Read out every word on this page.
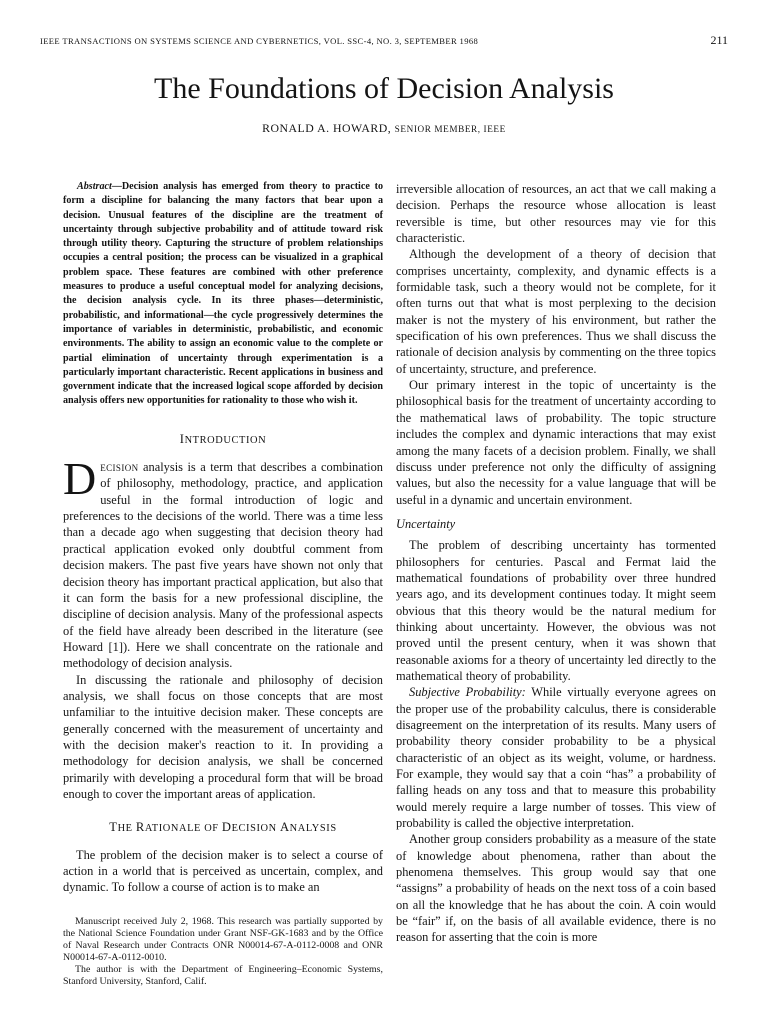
IEEE TRANSACTIONS ON SYSTEMS SCIENCE AND CYBERNETICS, VOL. SSC-4, NO. 3, SEPTEMBER 1968	211
The Foundations of Decision Analysis
RONALD A. HOWARD, SENIOR MEMBER, IEEE

Abstract—Decision analysis has emerged from theory to practice to form a discipline for balancing the many factors that bear upon a decision. Unusual features of the discipline are the treatment of uncertainty through subjective probability and of attitude toward risk through utility theory. Capturing the structure of problem relationships occupies a central position; the process can be visualized in a graphical problem space. These features are combined with other preference measures to produce a useful conceptual model for analyzing decisions, the decision analysis cycle. In its three phases—deterministic, probabilistic, and informational—the cycle progressively determines the importance of variables in deterministic, probabilistic, and economic environments. The ability to assign an economic value to the complete or partial elimination of uncertainty through experimentation is a particularly important characteristic. Recent applications in business and government indicate that the increased logical scope afforded by decision analysis offers new opportunities for rationality to those who wish it.

INTRODUCTION

Decision analysis is a term that describes a combination of philosophy, methodology, practice, and application useful in the formal introduction of logic and preferences to the decisions of the world. There was a time less than a decade ago when suggesting that decision theory had practical application evoked only doubtful comment from decision makers. The past five years have shown not only that decision theory has important practical application, but also that it can form the basis for a new professional discipline, the discipline of decision analysis. Many of the professional aspects of the field have already been described in the literature (see Howard [1]). Here we shall concentrate on the rationale and methodology of decision analysis.

In discussing the rationale and philosophy of decision analysis, we shall focus on those concepts that are most unfamiliar to the intuitive decision maker. These concepts are generally concerned with the measurement of uncertainty and with the decision maker's reaction to it. In providing a methodology for decision analysis, we shall be concerned primarily with developing a procedural form that will be broad enough to cover the important areas of application.

THE RATIONALE OF DECISION ANALYSIS

The problem of the decision maker is to select a course of action in a world that is perceived as uncertain, complex, and dynamic. To follow a course of action is to make an

Manuscript received July 2, 1968. This research was partially supported by the National Science Foundation under Grant NSF-GK-1683 and by the Office of Naval Research under Contracts ONR N00014-67-A-0112-0008 and ONR N00014-67-A-0112-0010.

The author is with the Department of Engineering–Economic Systems, Stanford University, Stanford, Calif.

irreversible allocation of resources, an act that we call making a decision. Perhaps the resource whose allocation is least reversible is time, but other resources may vie for this characteristic.

Although the development of a theory of decision that comprises uncertainty, complexity, and dynamic effects is a formidable task, such a theory would not be complete, for it often turns out that what is most perplexing to the decision maker is not the mystery of his environment, but rather the specification of his own preferences. Thus we shall discuss the rationale of decision analysis by commenting on the three topics of uncertainty, structure, and preference.

Our primary interest in the topic of uncertainty is the philosophical basis for the treatment of uncertainty according to the mathematical laws of probability. The topic structure includes the complex and dynamic interactions that may exist among the many facets of a decision problem. Finally, we shall discuss under preference not only the difficulty of assigning values, but also the necessity for a value language that will be useful in a dynamic and uncertain environment.

Uncertainty

The problem of describing uncertainty has tormented philosophers for centuries. Pascal and Fermat laid the mathematical foundations of probability over three hundred years ago, and its development continues today. It might seem obvious that this theory would be the natural medium for thinking about uncertainty. However, the obvious was not proved until the present century, when it was shown that reasonable axioms for a theory of uncertainty led directly to the mathematical theory of probability.

Subjective Probability: While virtually everyone agrees on the proper use of the probability calculus, there is considerable disagreement on the interpretation of its results. Many users of probability theory consider probability to be a physical characteristic of an object as its weight, volume, or hardness. For example, they would say that a coin “has” a probability of falling heads on any toss and that to measure this probability would merely require a large number of tosses. This view of probability is called the objective interpretation.

Another group considers probability as a measure of the state of knowledge about phenomena, rather than about the phenomena themselves. This group would say that one “assigns” a probability of heads on the next toss of a coin based on all the knowledge that he has about the coin. A coin would be “fair” if, on the basis of all available evidence, there is no reason for asserting that the coin is more
